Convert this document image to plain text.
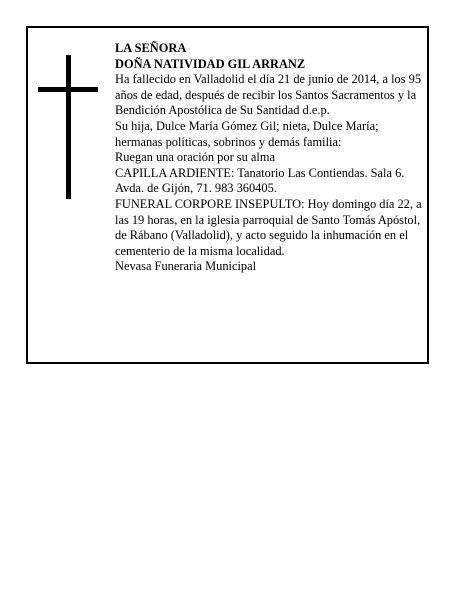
LA SEÑORA

DOÑA NATIVIDAD GIL ARRANZ

Ha fallecido en Valladolid el día 21 de junio de 2014, a los 95 años de edad, después de recibir los Santos Sacramentos y la Bendición Apostólica de Su Santidad d.e.p.

Su hija, Dulce María Gómez Gil; nieta, Dulce María; hermanas políticas, sobrinos y demás familia:

Ruegan una oración por su alma

CAPILLA ARDIENTE: Tanatorio Las Contiendas. Sala 6. Avda. de Gijón, 71. 983 360405.

FUNERAL CORPORE INSEPULTO: Hoy domingo día 22, a las 19 horas, en la iglesia parroquial de Santo Tomás Apóstol, de Rábano (Valladolid), y acto seguido la inhumación en el cementerio de la misma localidad.

Nevasa Funeraria Municipal
